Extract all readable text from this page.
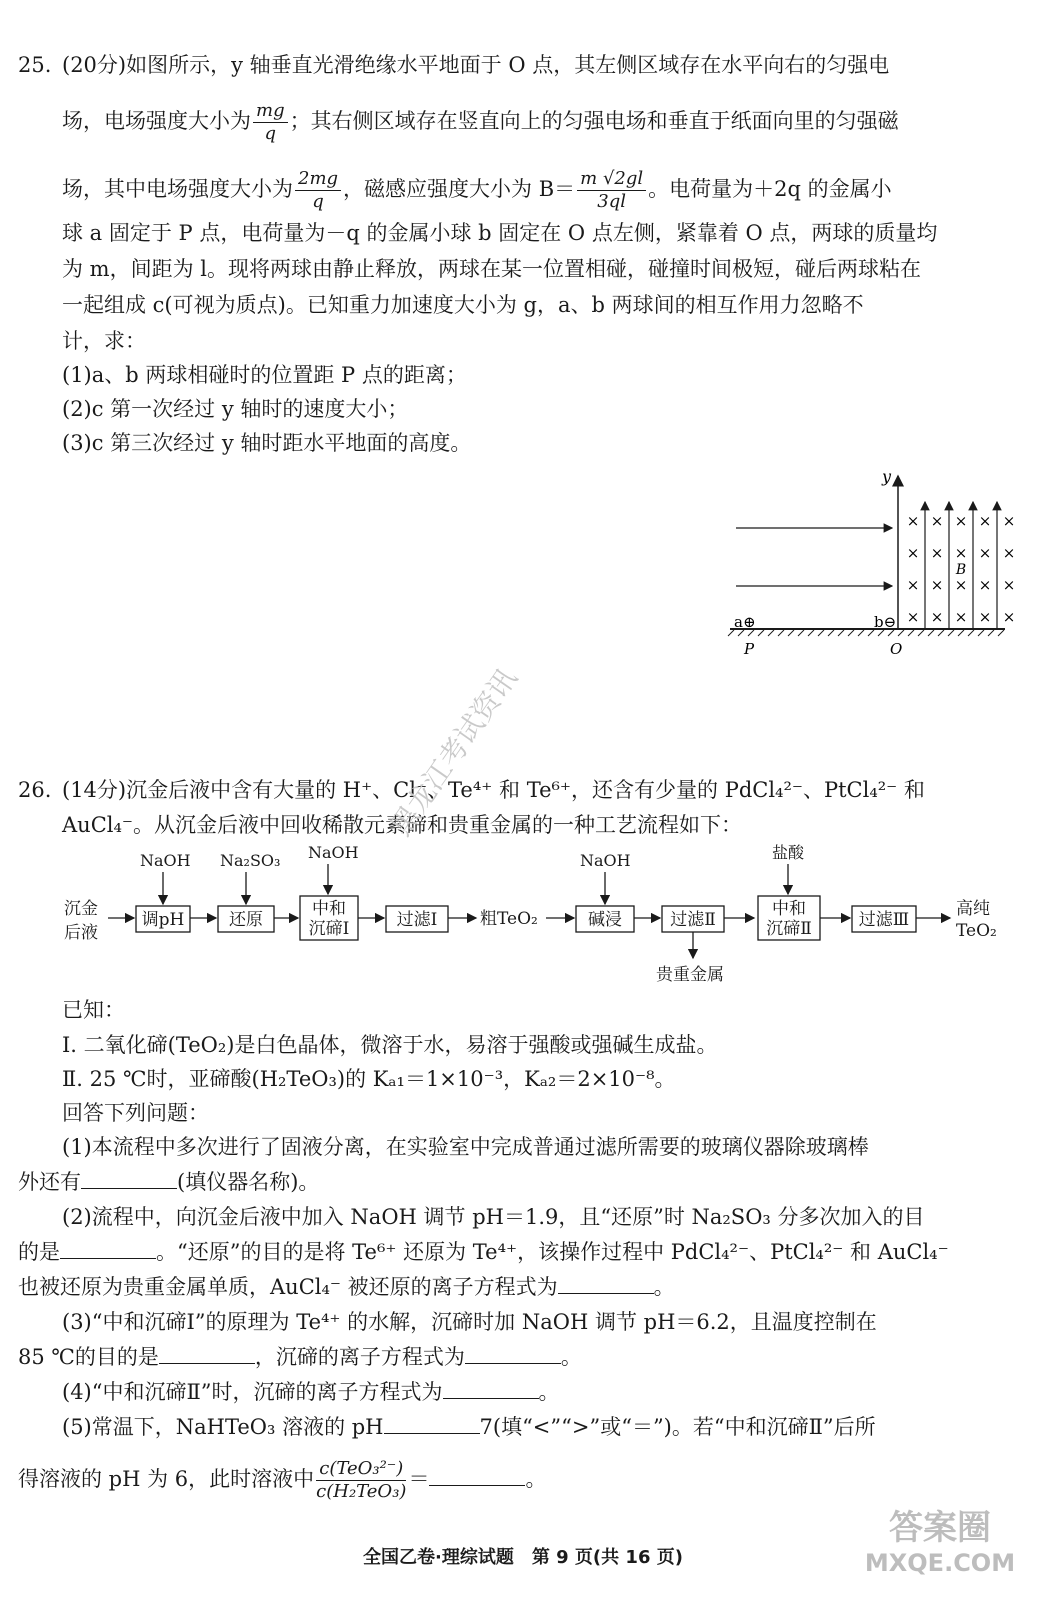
25. (20分)如图所示，y 轴垂直光滑绝缘水平地面于 O 点，其左侧区域存在水平向右的匀强电
场，电场强度大小为 $\frac{mg}{q}$ ；其右侧区域存在竖直向上的匀强电场和垂直于纸面向里的匀强磁
场，其中电场强度大小为 $\frac{2mg}{q}$ ，磁感应强度大小为 $B= \frac{m √2gl}{3ql}$ 。电荷量为＋2q 的金属小
球 a 固定于 P 点，电荷量为－q 的金属小球 b 固定在 O 点左侧，紧靠着 O 点，两球的质量均
为 m，间距为 l。现将两球由静止释放，两球在某一位置相碰，碰撞时间极短，碰后两球粘在
一起组成 c(可视为质点)。已知重力加速度大小为 g，a、b 两球间的相互作用力忽略不
计，求：
(1)a、b 两球相碰时的位置距 P 点的距离；
(2)c 第一次经过 y 轴时的速度大小；
(3)c 第三次经过 y 轴时距水平地面的高度。
y
× × × × ×
× × × × ×
× × × × ×
× × × × ×
B
a⊕	b⊖
P	O
26. (14分)沉金后液中含有大量的 H⁺、Cl⁻、Te⁴⁺ 和 Te⁶⁺，还含有少量的 PdCl₄²⁻、PtCl₄²⁻ 和
AuCl₄⁻。从沉金后液中回收稀散元素碲和贵重金属的一种工艺流程如下：
沉金
后液
NaOH
调pH
Na₂SO₃
还原
NaOH
中和
沉碲Ⅰ	过滤Ⅰ	粗TeO₂
NaOH
碱浸	过滤Ⅱ
贵重金属
盐酸
中和
沉碲Ⅱ	过滤Ⅲ
高纯
TeO₂
已知：
Ⅰ. 二氧化碲(TeO₂)是白色晶体，微溶于水，易溶于强酸或强碱生成盐。
Ⅱ. 25 ℃时，亚碲酸(H₂TeO₃)的 Kₐ₁＝1×10⁻³，Kₐ₂＝2×10⁻⁸。
回答下列问题：
(1)本流程中多次进行了固液分离，在实验室中完成普通过滤所需要的玻璃仪器除玻璃棒
外还有	(填仪器名称)。
(2)流程中，向沉金后液中加入 NaOH 调节 pH＝1.9，且“还原”时 Na₂SO₃ 分多次加入的目
的是	。“还原”的目的是将 Te⁶⁺ 还原为 Te⁴⁺，该操作过程中 PdCl₄²⁻、PtCl₄²⁻ 和 AuCl₄⁻
也被还原为贵重金属单质，AuCl₄⁻ 被还原的离子方程式为	。
(3)“中和沉碲Ⅰ”的原理为 Te⁴⁺ 的水解，沉碲时加 NaOH 调节 pH＝6.2，且温度控制在
85 ℃的目的是	，沉碲的离子方程式为	。
(4)“中和沉碲Ⅱ”时，沉碲的离子方程式为	。
(5)常温下，NaHTeO₃ 溶液的 pH	7(填“<”“>”或“＝”)。若“中和沉碲Ⅱ”后所
得溶液的 pH 为 6，此时溶液中 $\frac{\text{c(TeO₃²⁻)}}{\text{c(H₂TeO₃)}}$ ＝	。
黑龙江考试资讯
全国乙卷·理综试题　第 9 页(共 16 页)
答案圈
MXQE.COM
